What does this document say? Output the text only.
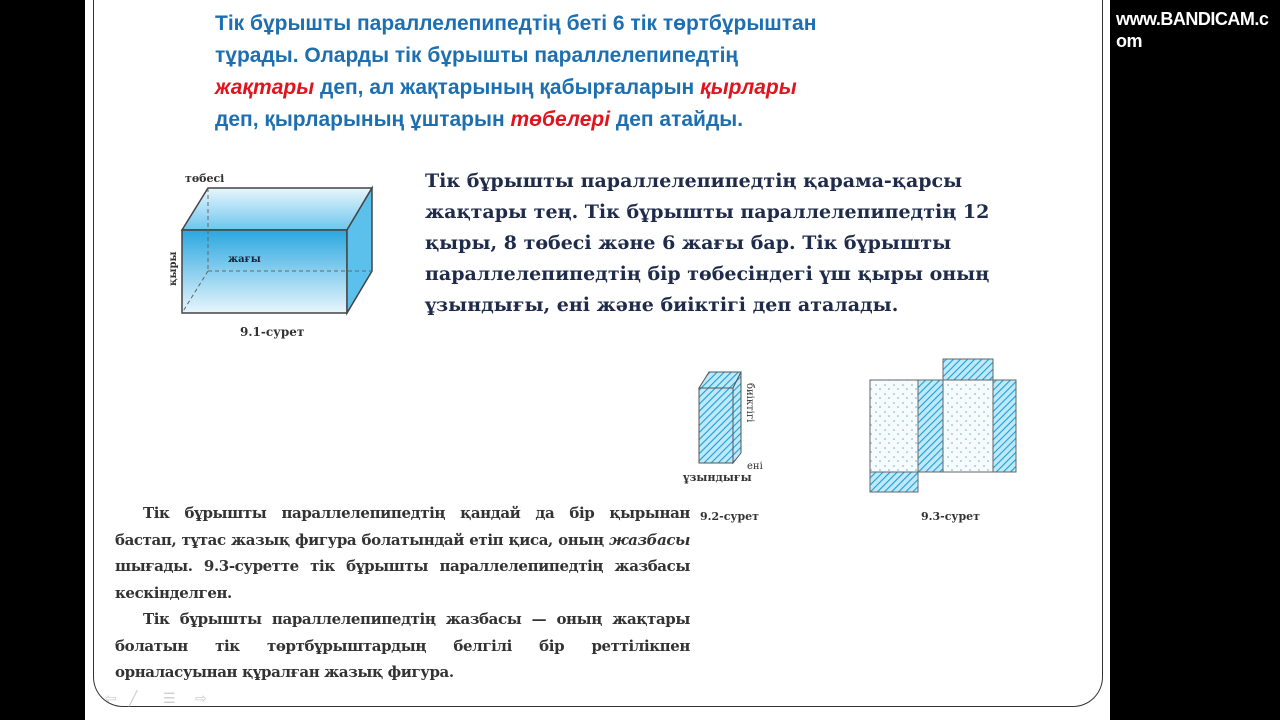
www.BANDICAM.com
Тік бұрышты параллелепипедтің беті 6 тік төртбұрыштан
тұрады. Оларды тік бұрышты параллелепипедтің
жақтары деп, ал жақтарының қабырғаларын қырлары
деп, қырларының ұштарын төбелері деп атайды.
төбесі
жағы
қыры
9.1-сурет
Тік бұрышты параллелепипедтің қарама-қарсы жақтары тең. Тік бұрышты параллелепипедтің 12 қыры, 8 төбесі және 6 жағы бар. Тік бұрышты параллелепипедтің бір төбесіндегі үш қыры оның ұзындығы, ені және биіктігі деп аталады.
биіктігі
ені
ұзындығы
9.2-сурет	9.3-сурет

Тік бұрышты параллелепипедтің қандай да бір қырынан бастап, тұтас жазық фигура болатындай етіп қиса, оның жазбасы шығады. 9.3-суретте тік бұрышты параллелепипедтің жазбасы кескінделген.

Тік бұрышты параллелепипедтің жазбасы — оның жақтары болатын тік төртбұрыштардың белгілі бір реттілікпен орналасуынан құралған жазық фигура.

⇦ ╱ ☰ ⇨
